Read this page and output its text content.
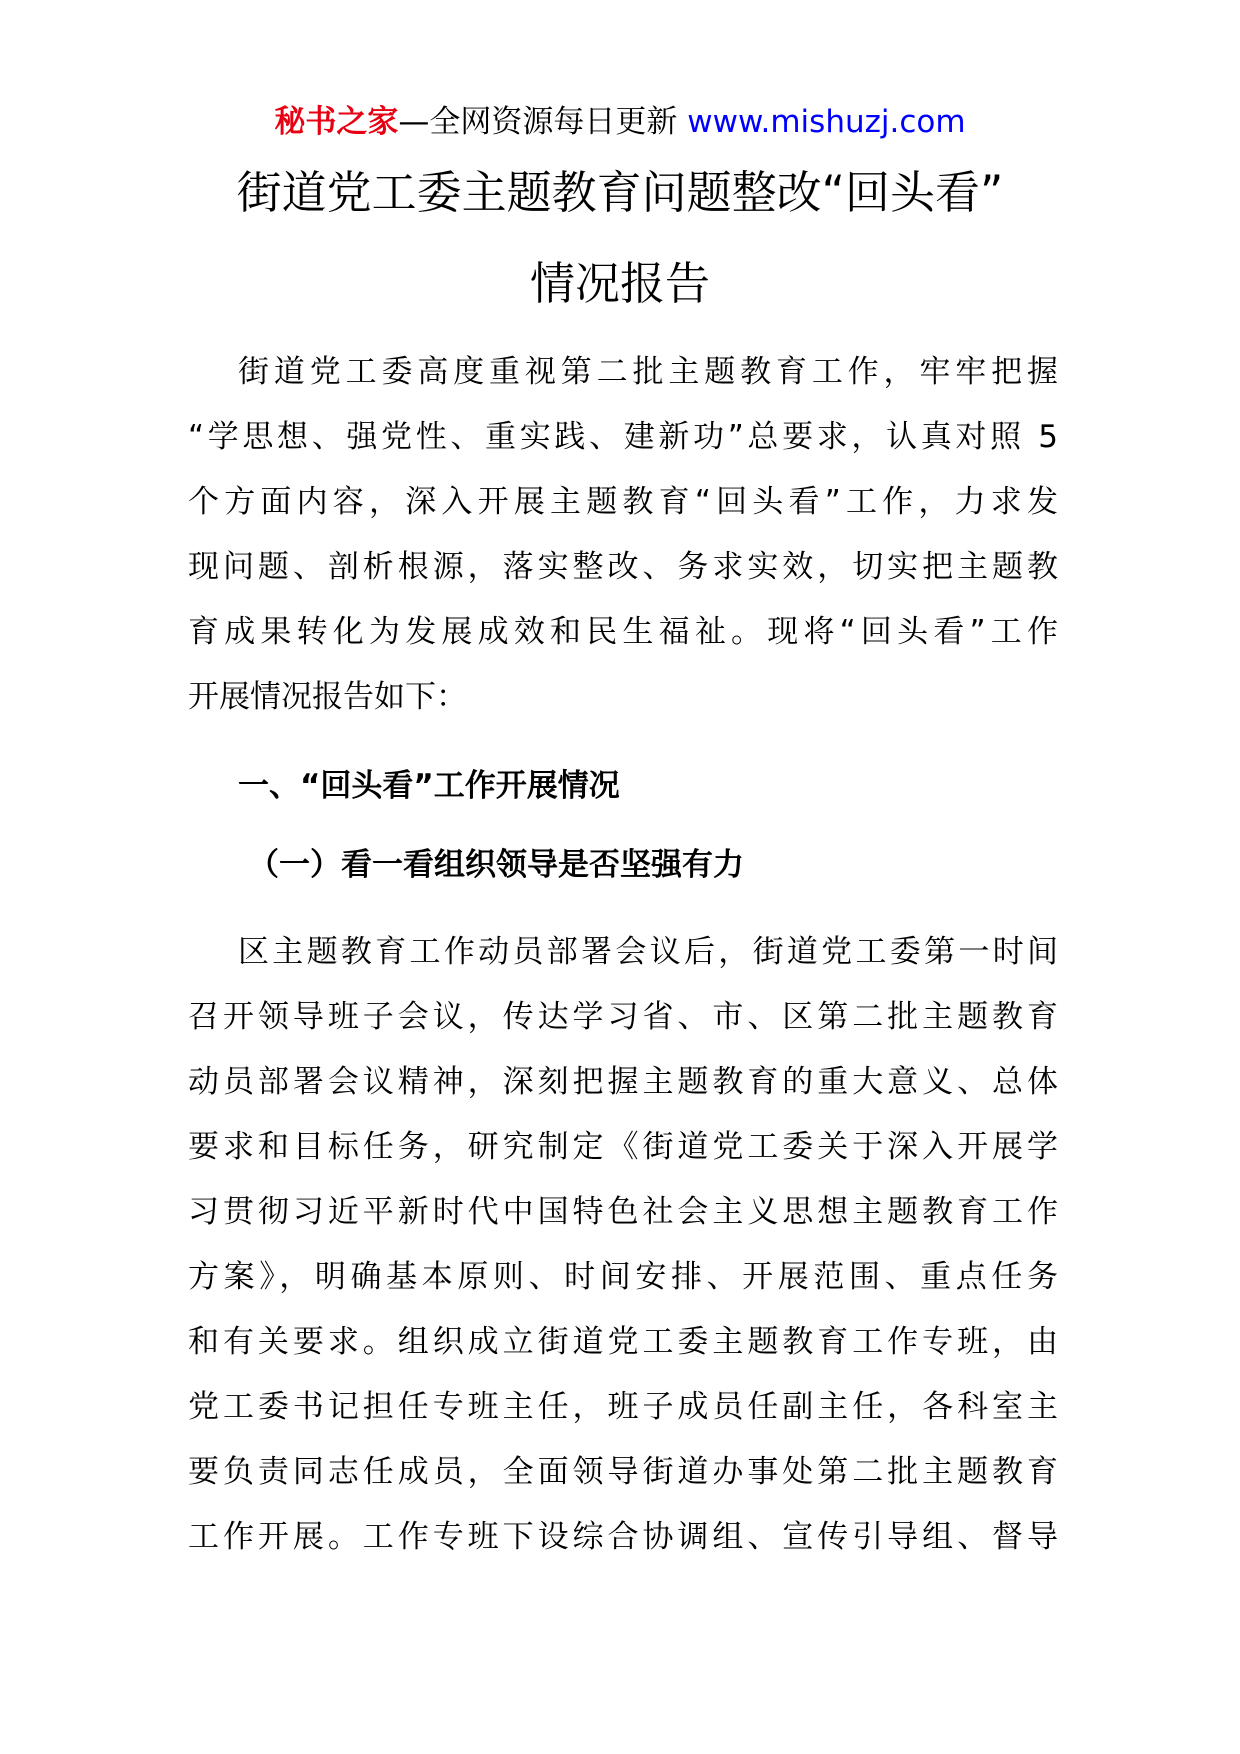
秘书之家—全网资源每日更新 www.mishuzj.com
街道党工委主题教育问题整改“回头看”
情况报告
街道党工委高度重视第二批主题教育工作，牢牢把握
“学思想、强党性、重实践、建新功”总要求，认真对照 5
个方面内容，深入开展主题教育“回头看”工作，力求发
现问题、剖析根源，落实整改、务求实效，切实把主题教
育成果转化为发展成效和民生福祉。现将“回头看”工作
开展情况报告如下：
一、“回头看”工作开展情况
（一）看一看组织领导是否坚强有力
区主题教育工作动员部署会议后，街道党工委第一时间
召开领导班子会议，传达学习省、市、区第二批主题教育
动员部署会议精神，深刻把握主题教育的重大意义、总体
要求和目标任务，研究制定《街道党工委关于深入开展学
习贯彻习近平新时代中国特色社会主义思想主题教育工作
方案》，明确基本原则、时间安排、开展范围、重点任务
和有关要求。组织成立街道党工委主题教育工作专班，由
党工委书记担任专班主任，班子成员任副主任，各科室主
要负责同志任成员，全面领导街道办事处第二批主题教育
工作开展。工作专班下设综合协调组、宣传引导组、督导
